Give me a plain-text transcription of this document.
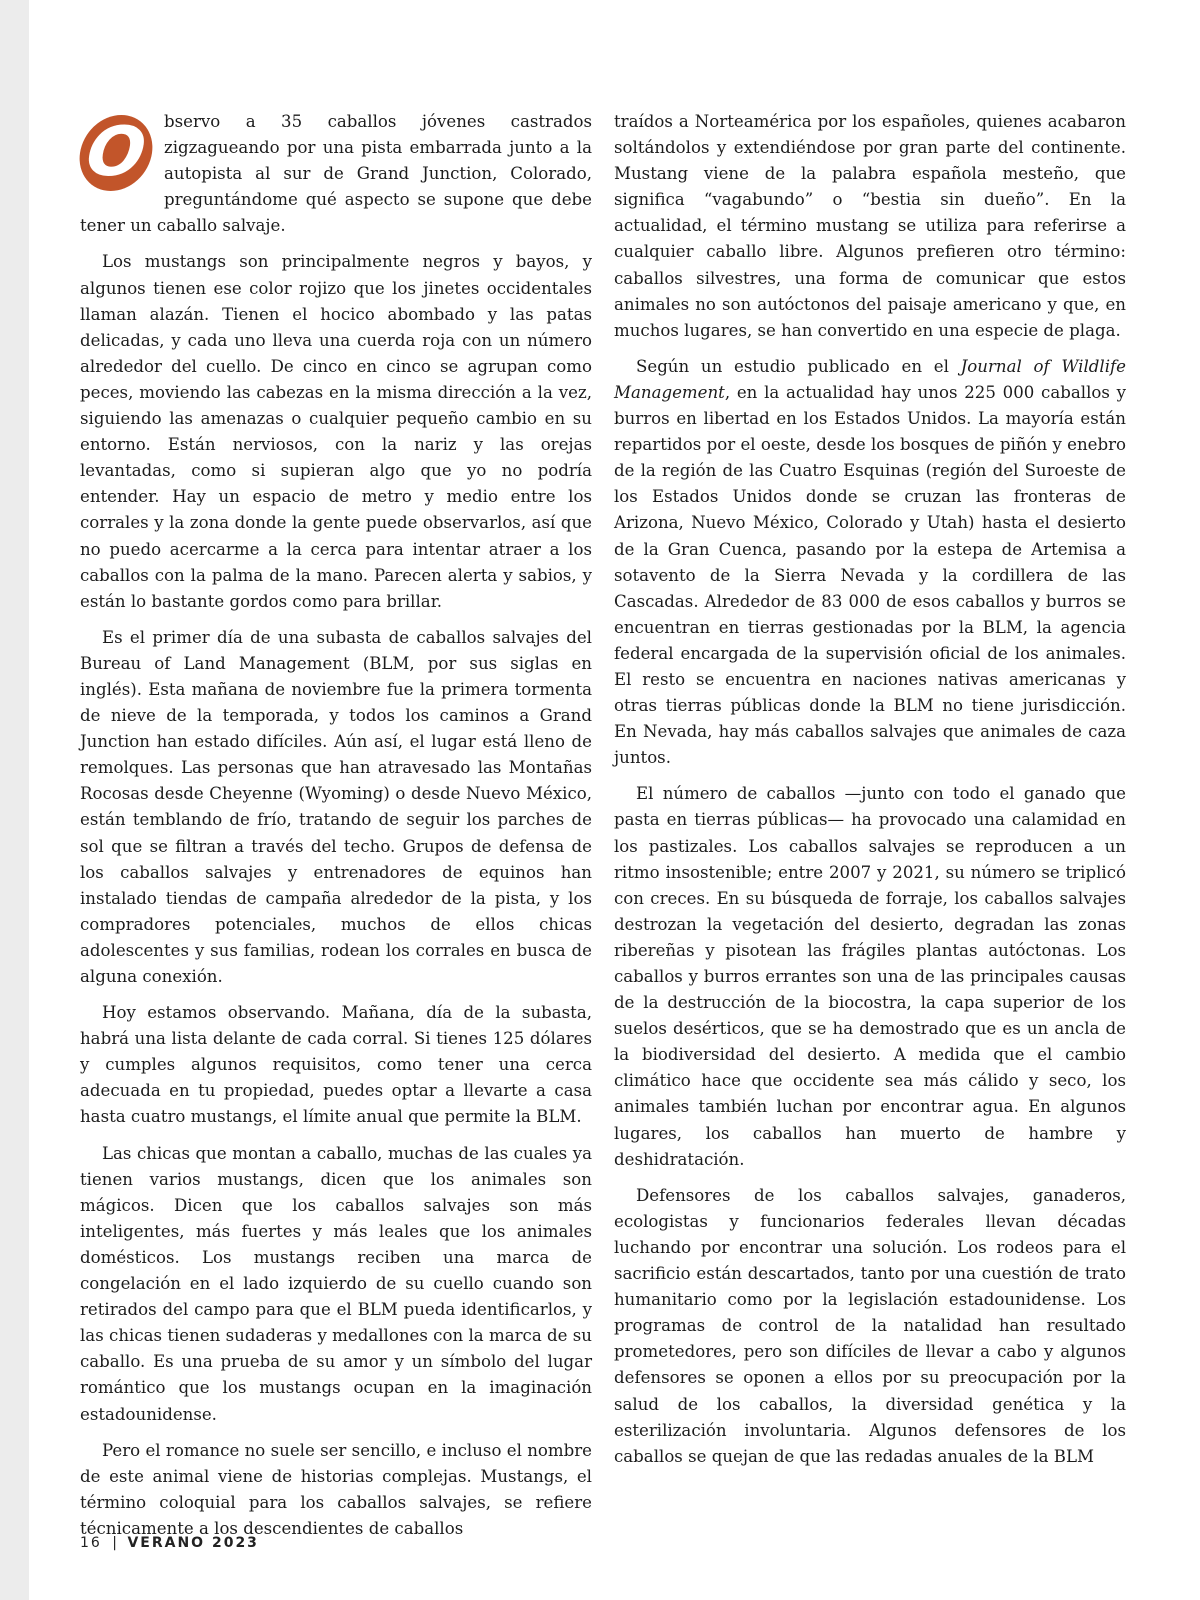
O bservo a 35 caballos jóvenes castrados zigzagueando por una pista embarrada junto a la autopista al sur de Grand Junction, Colorado, preguntándome qué aspecto se supone que debe tener un caballo salvaje.

Los mustangs son principalmente negros y bayos, y algunos tienen ese color rojizo que los jinetes occidentales llaman alazán. Tienen el hocico abombado y las patas delicadas, y cada uno lleva una cuerda roja con un número alrededor del cuello. De cinco en cinco se agrupan como peces, moviendo las cabezas en la misma dirección a la vez, siguiendo las amenazas o cualquier pequeño cambio en su entorno. Están nerviosos, con la nariz y las orejas levantadas, como si supieran algo que yo no podría entender. Hay un espacio de metro y medio entre los corrales y la zona donde la gente puede observarlos, así que no puedo acercarme a la cerca para intentar atraer a los caballos con la palma de la mano. Parecen alerta y sabios, y están lo bastante gordos como para brillar.

Es el primer día de una subasta de caballos salvajes del Bureau of Land Management (BLM, por sus siglas en inglés). Esta mañana de noviembre fue la primera tormenta de nieve de la temporada, y todos los caminos a Grand Junction han estado difíciles. Aún así, el lugar está lleno de remolques. Las personas que han atravesado las Montañas Rocosas desde Cheyenne (Wyoming) o desde Nuevo México, están temblando de frío, tratando de seguir los parches de sol que se filtran a través del techo. Grupos de defensa de los caballos salvajes y entrenadores de equinos han instalado tiendas de campaña alrededor de la pista, y los compradores potenciales, muchos de ellos chicas adolescentes y sus familias, rodean los corrales en busca de alguna conexión.

Hoy estamos observando. Mañana, día de la subasta, habrá una lista delante de cada corral. Si tienes 125 dólares y cumples algunos requisitos, como tener una cerca adecuada en tu propiedad, puedes optar a llevarte a casa hasta cuatro mustangs, el límite anual que permite la BLM.

Las chicas que montan a caballo, muchas de las cuales ya tienen varios mustangs, dicen que los animales son mágicos. Dicen que los caballos salvajes son más inteligentes, más fuertes y más leales que los animales domésticos. Los mustangs reciben una marca de congelación en el lado izquierdo de su cuello cuando son retirados del campo para que el BLM pueda identificarlos, y las chicas tienen sudaderas y medallones con la marca de su caballo. Es una prueba de su amor y un símbolo del lugar romántico que los mustangs ocupan en la imaginación estadounidense.

Pero el romance no suele ser sencillo, e incluso el nombre de este animal viene de historias complejas. Mustangs, el término coloquial para los caballos salvajes, se refiere técnicamente a los descendientes de caballos

traídos a Norteamérica por los españoles, quienes acabaron soltándolos y extendiéndose por gran parte del continente. Mustang viene de la palabra española mesteño, que significa “vagabundo” o “bestia sin dueño”. En la actualidad, el término mustang se utiliza para referirse a cualquier caballo libre. Algunos prefieren otro término: caballos silvestres, una forma de comunicar que estos animales no son autóctonos del paisaje americano y que, en muchos lugares, se han convertido en una especie de plaga.

Según un estudio publicado en el Journal of Wildlife Management, en la actualidad hay unos 225 000 caballos y burros en libertad en los Estados Unidos. La mayoría están repartidos por el oeste, desde los bosques de piñón y enebro de la región de las Cuatro Esquinas (región del Suroeste de los Estados Unidos donde se cruzan las fronteras de Arizona, Nuevo México, Colorado y Utah) hasta el desierto de la Gran Cuenca, pasando por la estepa de Artemisa a sotavento de la Sierra Nevada y la cordillera de las Cascadas. Alrededor de 83 000 de esos caballos y burros se encuentran en tierras gestionadas por la BLM, la agencia federal encargada de la supervisión oficial de los animales. El resto se encuentra en naciones nativas americanas y otras tierras públicas donde la BLM no tiene jurisdicción. En Nevada, hay más caballos salvajes que animales de caza juntos.

El número de caballos —junto con todo el ganado que pasta en tierras públicas— ha provocado una calamidad en los pastizales. Los caballos salvajes se reproducen a un ritmo insostenible; entre 2007 y 2021, su número se triplicó con creces. En su búsqueda de forraje, los caballos salvajes destrozan la vegetación del desierto, degradan las zonas ribereñas y pisotean las frágiles plantas autóctonas. Los caballos y burros errantes son una de las principales causas de la destrucción de la biocostra, la capa superior de los suelos desérticos, que se ha demostrado que es un ancla de la biodiversidad del desierto. A medida que el cambio climático hace que occidente sea más cálido y seco, los animales también luchan por encontrar agua. En algunos lugares, los caballos han muerto de hambre y deshidratación.

Defensores de los caballos salvajes, ganaderos, ecologistas y funcionarios federales llevan décadas luchando por encontrar una solución. Los rodeos para el sacrificio están descartados, tanto por una cuestión de trato humanitario como por la legislación estadounidense. Los programas de control de la natalidad han resultado prometedores, pero son difíciles de llevar a cabo y algunos defensores se oponen a ellos por su preocupación por la salud de los caballos, la diversidad genética y la esterilización involuntaria. Algunos defensores de los caballos se quejan de que las redadas anuales de la BLM

16 | VERANO 2023
